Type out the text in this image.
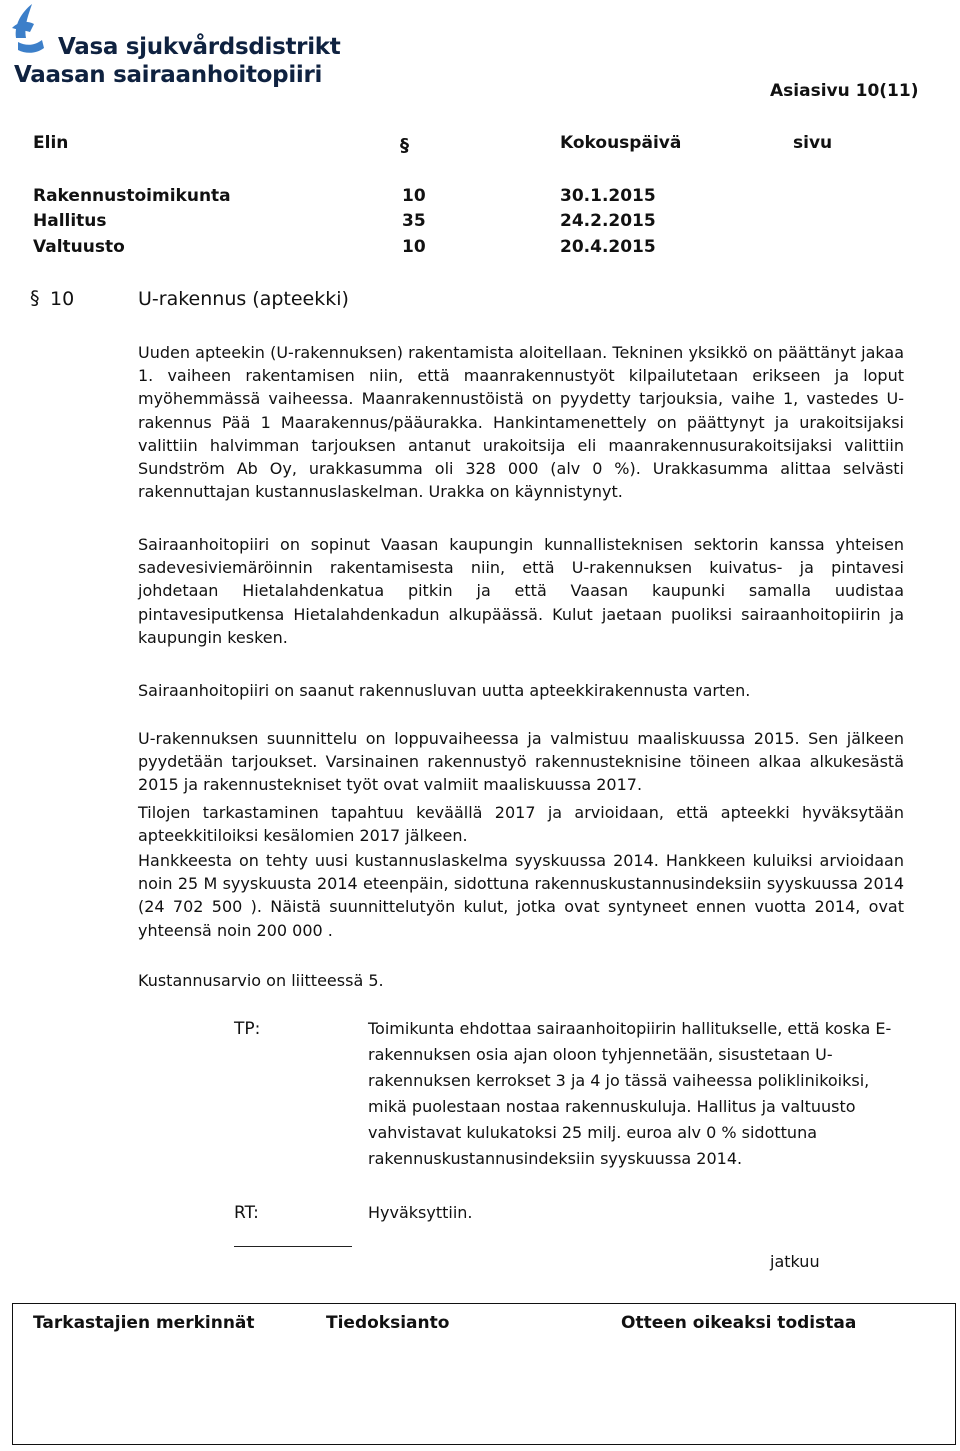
Vasa sjukvårdsdistrikt
Vaasan sairaanhoitopiiri
Asiasivu 10(11)
Elin	§	Kokouspäivä	sivu
Rakennustoimikunta	10	30.1.2015
Hallitus	35	24.2.2015
Valtuusto	10	20.4.2015
§ 10	U-rakennus (apteekki)

Uuden apteekin (U-rakennuksen) rakentamista aloitellaan. Tekninen yksikkö on päättänyt jakaa 1. vaiheen rakentamisen niin, että maanrakennustyöt kilpailutetaan erikseen ja loput myöhemmässä vaiheessa. Maanrakennustöistä on pyydetty tarjouksia, vaihe 1, vastedes U-rakennus Pää 1 Maarakennus/pääurakka. Hankintamenettely on päättynyt ja urakoitsijaksi valittiin halvimman tarjouksen antanut urakoitsija eli maanrakennusurakoitsijaksi valittiin Sundström Ab Oy, urakkasumma oli 328 000 (alv 0 %). Urakkasumma alittaa selvästi rakennuttajan kustannuslaskelman. Urakka on käynnistynyt.

Sairaanhoitopiiri on sopinut Vaasan kaupungin kunnallisteknisen sektorin kanssa yhteisen sadevesiviemäröinnin rakentamisesta niin, että U-rakennuksen kuivatus- ja pintavesi johdetaan Hietalahdenkatua pitkin ja että Vaasan kaupunki samalla uudistaa pintavesiputkensa Hietalahdenkadun alkupäässä. Kulut jaetaan puoliksi sairaanhoitopiirin ja kaupungin kesken.

Sairaanhoitopiiri on saanut rakennusluvan uutta apteekkirakennusta varten.

U-rakennuksen suunnittelu on loppuvaiheessa ja valmistuu maaliskuussa 2015. Sen jälkeen pyydetään tarjoukset. Varsinainen rakennustyö rakennusteknisine töineen alkaa alkukesästä 2015 ja rakennustekniset työt ovat valmiit maaliskuussa 2017.

Tilojen tarkastaminen tapahtuu keväällä 2017 ja arvioidaan, että apteekki hyväksytään apteekkitiloiksi kesälomien 2017 jälkeen.

Hankkeesta on tehty uusi kustannuslaskelma syyskuussa 2014. Hankkeen kuluiksi arvioidaan noin 25 M syyskuusta 2014 eteenpäin, sidottuna rakennuskustannusindeksiin syyskuussa 2014 (24 702 500 ). Näistä suunnittelutyön kulut, jotka ovat syntyneet ennen vuotta 2014, ovat yhteensä noin 200 000 .

Kustannusarvio on liitteessä 5.

TP:	Toimikunta ehdottaa sairaanhoitopiirin hallitukselle, että koska E-rakennuksen osia ajan oloon tyhjennetään, sisustetaan U-rakennuksen kerrokset 3 ja 4 jo tässä vaiheessa poliklinikoiksi, mikä puolestaan nostaa rakennuskuluja. Hallitus ja valtuusto vahvistavat kulukatoksi 25 milj. euroa alv 0 % sidottuna rakennuskustannusindeksiin syyskuussa 2014.
RT:	Hyväksyttiin.
jatkuu
Tarkastajien merkinnät	Tiedoksianto	Otteen oikeaksi todistaa
